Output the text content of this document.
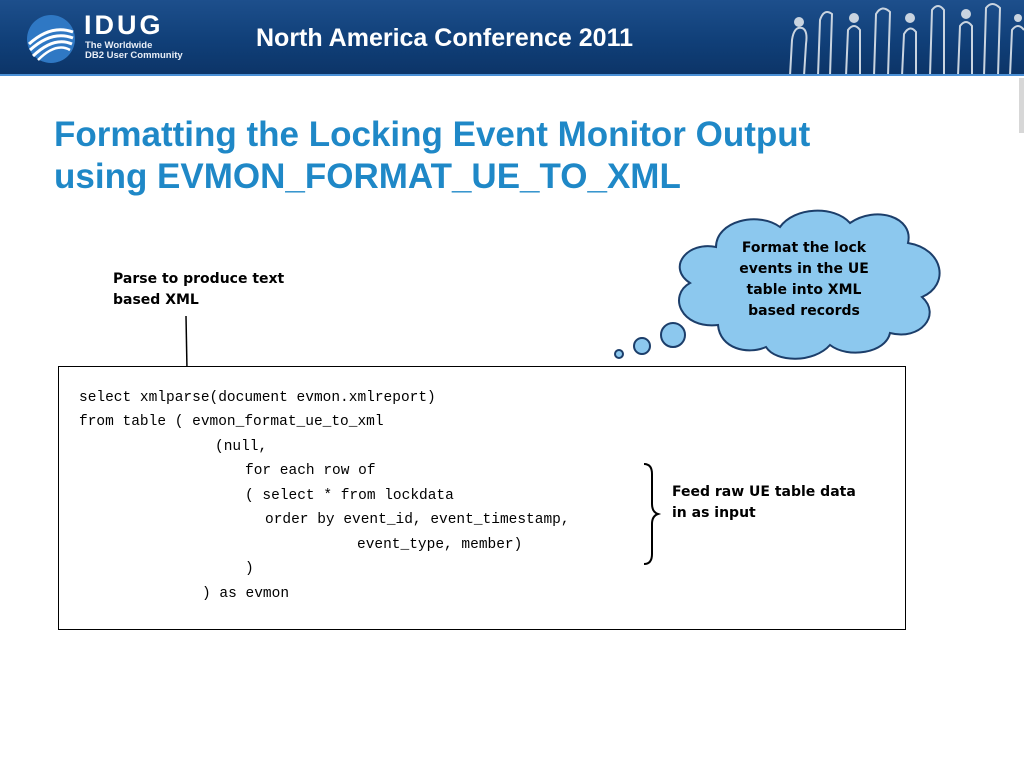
IDUG
The Worldwide
DB2 User Community
North America Conference 2011
Formatting the Locking Event Monitor Output
using EVMON_FORMAT_UE_TO_XML
Parse to produce text
based XML
Format the lock
events in the UE
table into XML
based records
select xmlparse(document evmon.xmlreport)
from table ( evmon_format_ue_to_xml
(null,
for each row of
( select * from lockdata
order by event_id, event_timestamp,
event_type, member)
)
) as evmon
Feed raw UE table data
in as input
